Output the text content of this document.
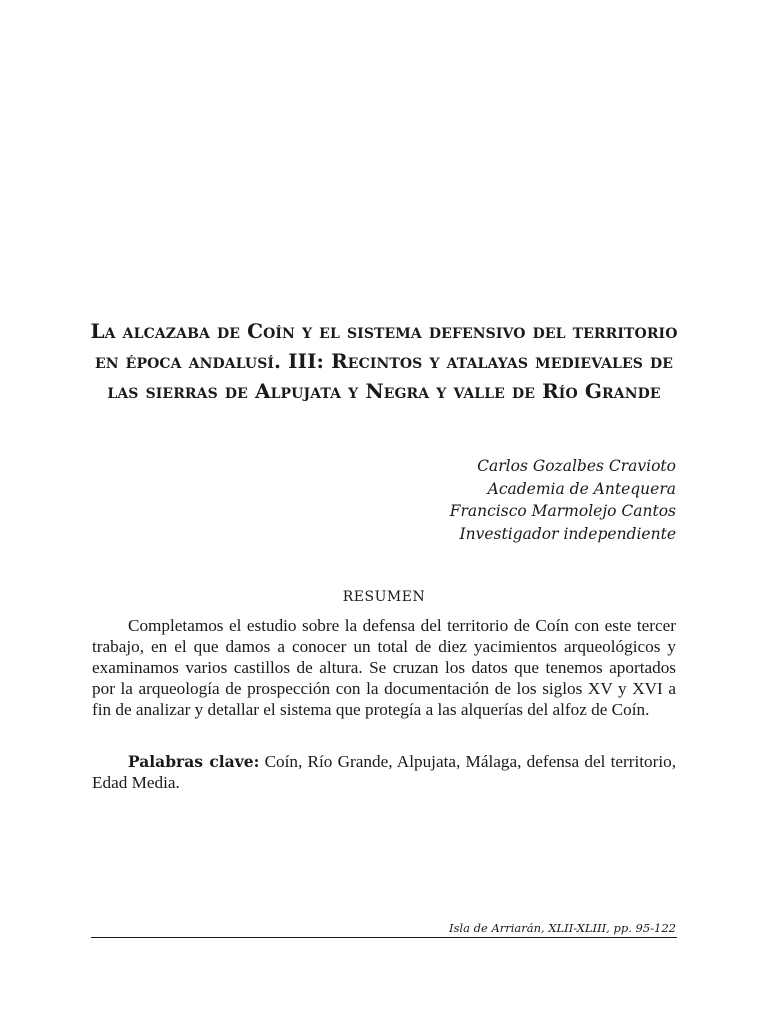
La alcazaba de Coín y el sistema defensivo del territorio en época andalusí. III: Recintos y atalayas medievales de las sierras de Alpujata y Negra y valle de Río Grande
Carlos Gozalbes Cravioto
Academia de Antequera
Francisco Marmolejo Cantos
Investigador independiente
RESUMEN

Completamos el estudio sobre la defensa del territorio de Coín con este tercer trabajo, en el que damos a conocer un total de diez yacimientos arqueológicos y examinamos varios castillos de altura. Se cruzan los datos que tenemos aportados por la arqueología de prospección con la documentación de los siglos XV y XVI a fin de analizar y detallar el sistema que protegía a las alquerías del alfoz de Coín.

Palabras clave: Coín, Río Grande, Alpujata, Málaga, defensa del territorio, Edad Media.

Isla de Arriarán, XLII-XLIII, pp. 95-122
